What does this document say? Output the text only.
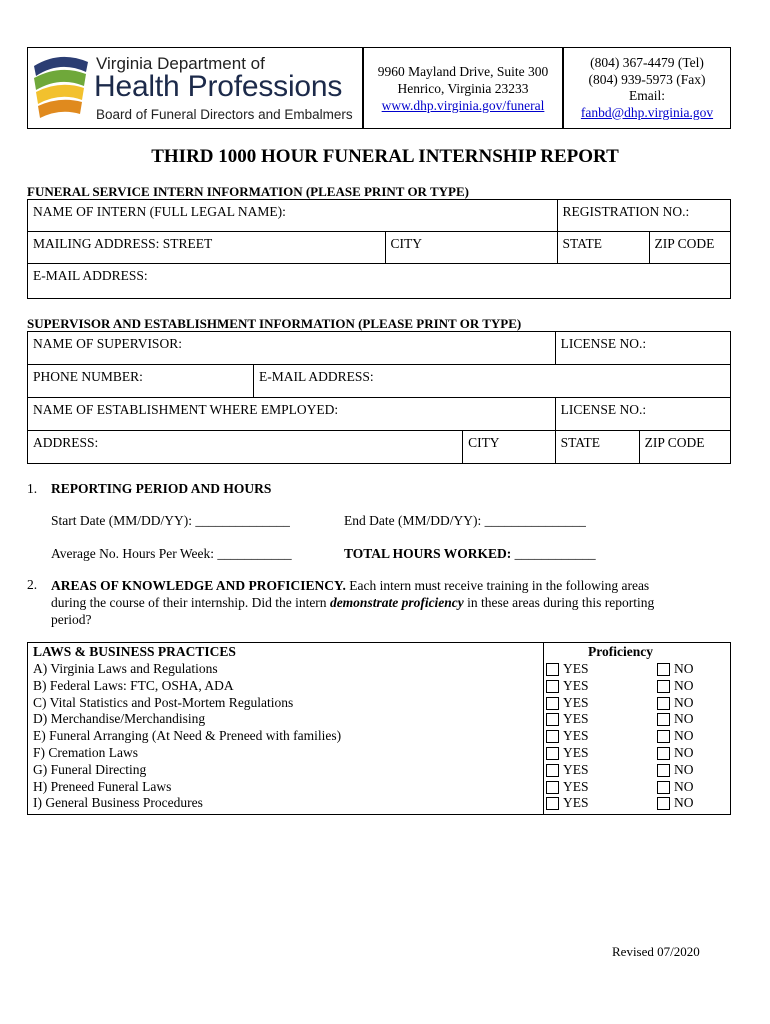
Virginia Department of
Health Professions
Board of Funeral Directors and Embalmers
9960 Mayland Drive, Suite 300
Henrico, Virginia 23233
www.dhp.virginia.gov/funeral
(804) 367-4479 (Tel)
(804) 939-5973 (Fax)
Email:
fanbd@dhp.virginia.gov
THIRD 1000 HOUR FUNERAL INTERNSHIP REPORT
FUNERAL SERVICE INTERN INFORMATION (PLEASE PRINT OR TYPE)
NAME OF INTERN (FULL LEGAL NAME):		REGISTRATION NO.:	
MAILING ADDRESS: STREET	CITY	STATE	ZIP CODE
E-MAIL ADDRESS:			
SUPERVISOR AND ESTABLISHMENT INFORMATION (PLEASE PRINT OR TYPE)
NAME OF SUPERVISOR:			LICENSE NO.:	
PHONE NUMBER:	E-MAIL ADDRESS:			
NAME OF ESTABLISHMENT WHERE EMPLOYED:			LICENSE NO.:	
ADDRESS:		CITY	STATE	ZIP CODE
1. REPORTING PERIOD AND HOURS
Start Date (MM/DD/YY): ______________	End Date (MM/DD/YY): _______________
Average No. Hours Per Week: ___________	TOTAL HOURS WORKED: ____________
2. AREAS OF KNOWLEDGE AND PROFICIENCY. Each intern must receive training in the following areas
during the course of their internship. Did the intern demonstrate proficiency in these areas during this reporting
period?
LAWS & BUSINESS PRACTICES	Proficiency
A) Virginia Laws and Regulations	YES	NO
B) Federal Laws: FTC, OSHA, ADA	YES	NO
C) Vital Statistics and Post-Mortem Regulations	YES	NO
D) Merchandise/Merchandising	YES	NO
E) Funeral Arranging (At Need & Preneed with families)	YES	NO
F) Cremation Laws	YES	NO
G) Funeral Directing	YES	NO
H) Preneed Funeral Laws	YES	NO
I) General Business Procedures	YES	NO
Revised 07/2020
